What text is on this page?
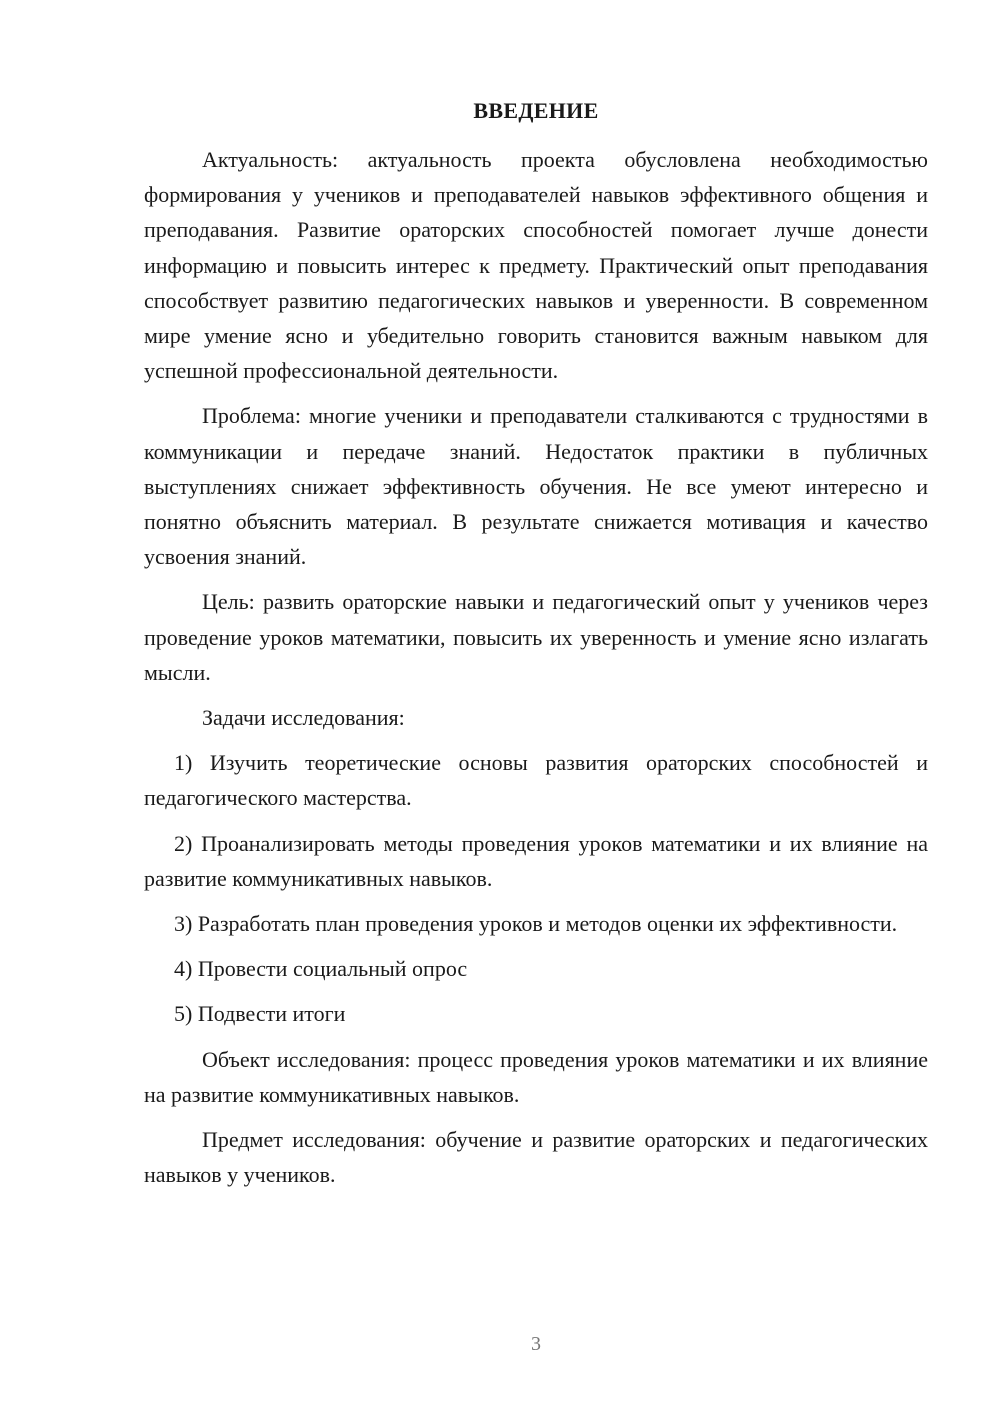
ВВЕДЕНИЕ

Актуальность: актуальность проекта обусловлена необходимостью формирования у учеников и преподавателей навыков эффективного общения и преподавания. Развитие ораторских способностей помогает лучше донести информацию и повысить интерес к предмету. Практический опыт преподавания способствует развитию педагогических навыков и уверенности. В современном мире умение ясно и убедительно говорить становится важным навыком для успешной профессиональной деятельности.

Проблема: многие ученики и преподаватели сталкиваются с трудностями в коммуникации и передаче знаний. Недостаток практики в публичных выступлениях снижает эффективность обучения. Не все умеют интересно и понятно объяснить материал. В результате снижается мотивация и качество усвоения знаний.

Цель: развить ораторские навыки и педагогический опыт у учеников через проведение уроков математики, повысить их уверенность и умение ясно излагать мысли.

Задачи исследования:

1) Изучить теоретические основы развития ораторских способностей и педагогического мастерства.

2) Проанализировать методы проведения уроков математики и их влияние на развитие коммуникативных навыков.

3) Разработать план проведения уроков и методов оценки их эффективности.

4) Провести социальный опрос

5) Подвести итоги

Объект исследования: процесс проведения уроков математики и их влияние на развитие коммуникативных навыков.

Предмет исследования: обучение и развитие ораторских и педагогических навыков у учеников.

3
